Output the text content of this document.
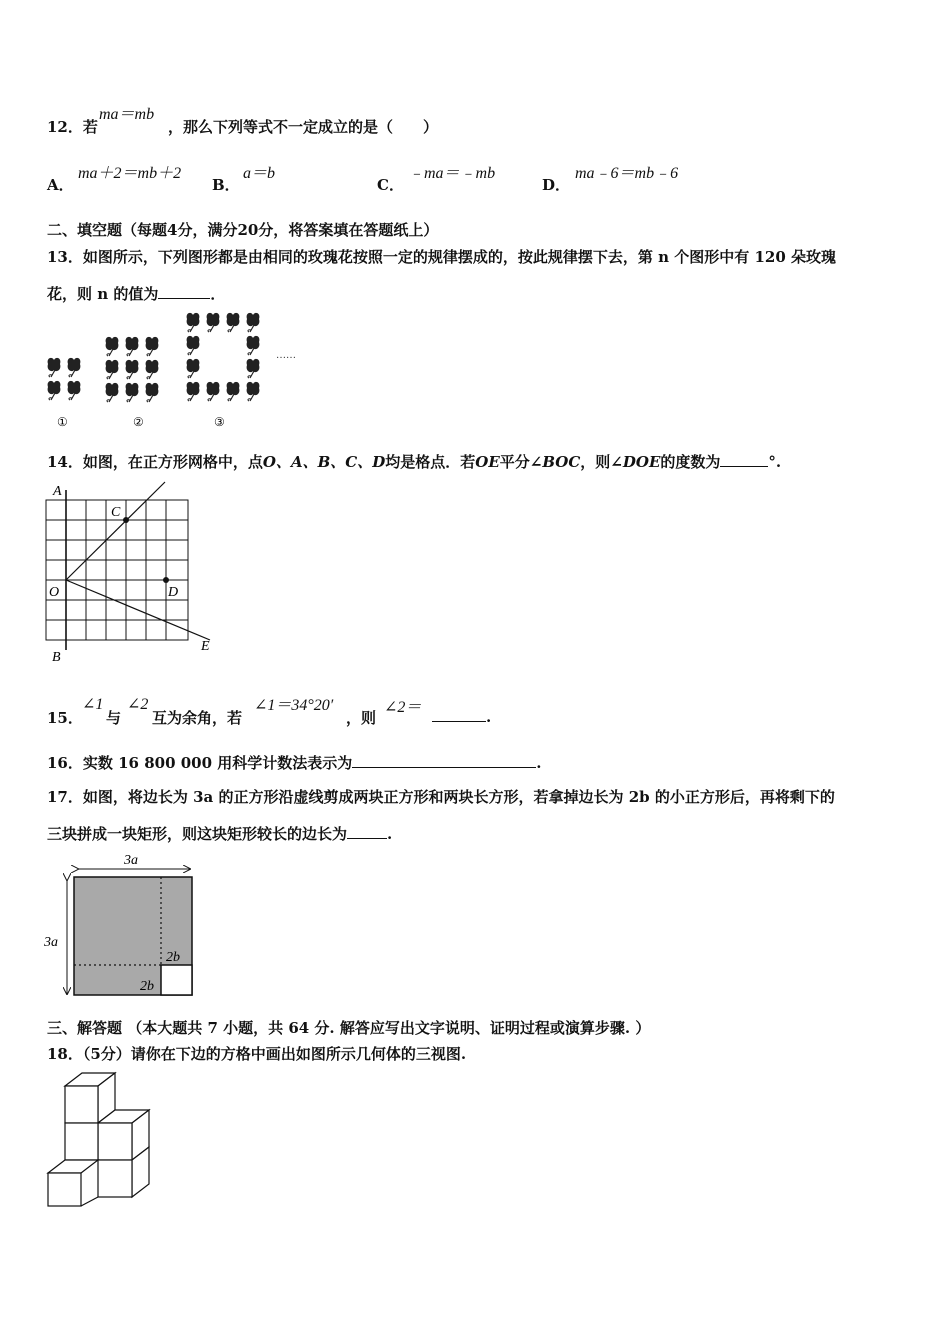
12．若
ma＝mb
，那么下列等式不一定成立的是（　　）
A．
ma＋2＝mb＋2
B．
a＝b
C．
﹣ma＝﹣mb
D．
ma﹣6＝mb﹣6
二、填空题（每题4分，满分20分，将答案填在答题纸上）
13．如图所示，下列图形都是由相同的玫瑰花按照一定的规律摆成的，按此规律摆下去，第 n 个图形中有 120 朵玫瑰
花，则 n 的值为	．
……
①	②	③
14．如图，在正方形网格中，点O、A、B、C、D均是格点．若OE平分∠BOC，则∠DOE的度数为	°.
A
C
O	D
B
E
15．
∠1
与
∠2
互为余角，若
∠1＝34°20′
，则
∠2＝
.
16．实数 16 800 000 用科学计数法表示为	.
17．如图，将边长为 3a 的正方形沿虚线剪成两块正方形和两块长方形，若拿掉边长为 2b 的小正方形后，再将剩下的
三块拼成一块矩形，则这块矩形较长的边长为	.
3a
3a
2b
2b
三、解答题 （本大题共 7 小题，共 64 分. 解答应写出文字说明、证明过程或演算步骤. ）
18．（5分）请你在下边的方格中画出如图所示几何体的三视图.
